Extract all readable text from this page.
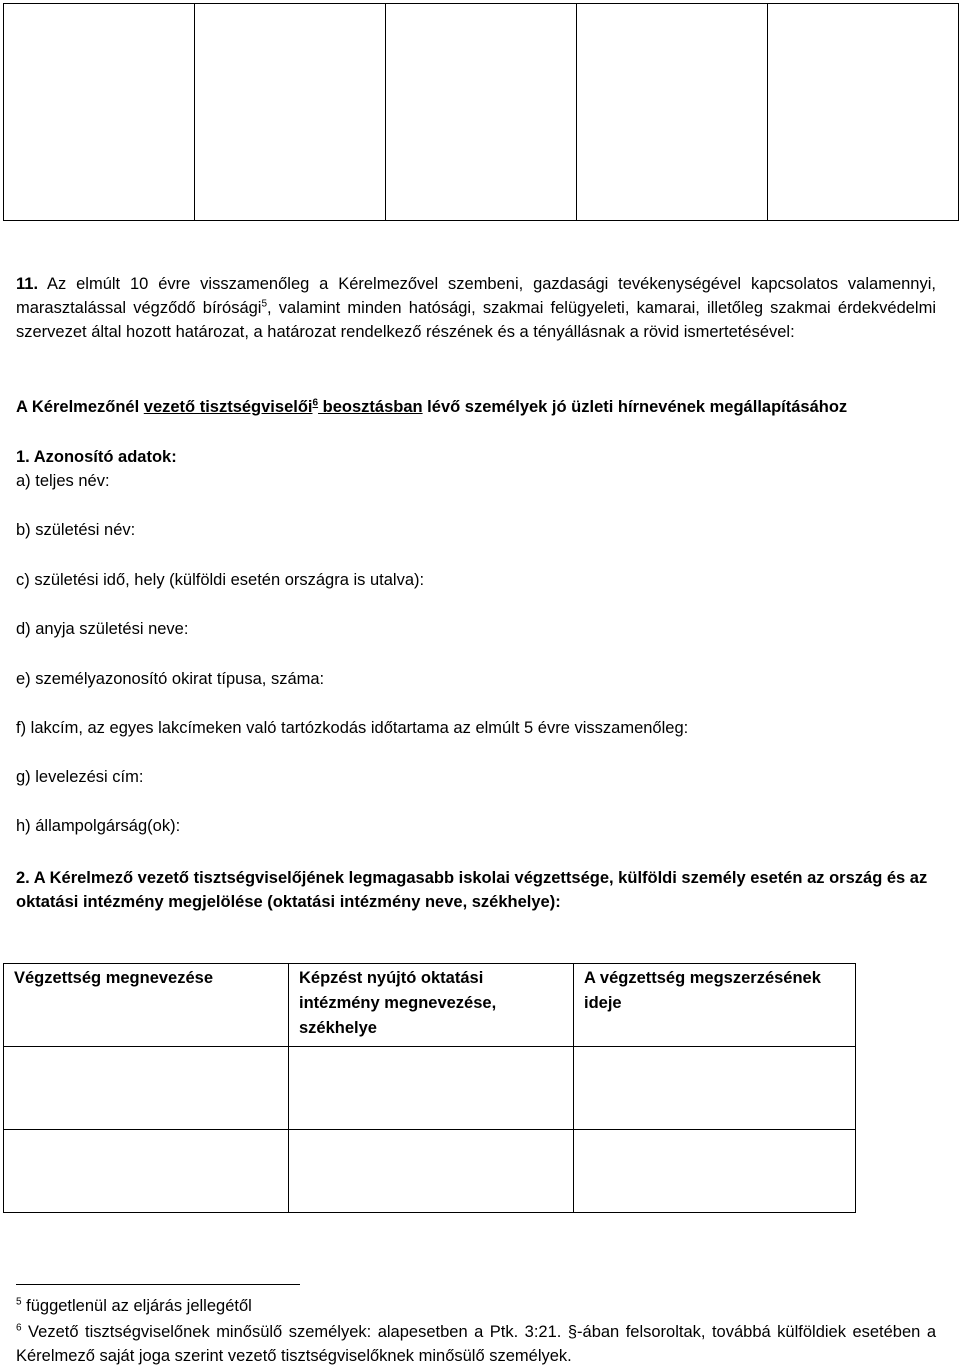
11. Az elmúlt 10 évre visszamenőleg a Kérelmezővel szembeni, gazdasági tevékenységével kapcsolatos valamennyi, marasztalással végződő bírósági$^5$, valamint minden hatósági, szakmai felügyeleti, kamarai, illetőleg szakmai érdekvédelmi szervezet által hozott határozat, a határozat rendelkező részének és a tényállásnak a rövid ismertetésével:

A Kérelmezőnél vezető tisztségviselői$^6$ beosztásban lévő személyek jó üzleti hírnevének megállapításához
1. Azonosító adatok:
a) teljes név:
b) születési név:
c) születési idő, hely (külföldi esetén országra is utalva):
d) anyja születési neve:
e) személyazonosító okirat típusa, száma:
f) lakcím, az egyes lakcímeken való tartózkodás időtartama az elmúlt 5 évre visszamenőleg:
g) levelezési cím:
h) állampolgárság(ok):

2. A Kérelmező vezető tisztségviselőjének legmagasabb iskolai végzettsége, külföldi személy esetén az ország és az oktatási intézmény megjelölése (oktatási intézmény neve, székhelye):

Végzettség megnevezése	Képzést nyújtó oktatási intézmény megnevezése, székhelye	A végzettség megszerzésének ideje

$^5$ függetlenül az eljárás jellegétől

$^6$ Vezető tisztségviselőnek minősülő személyek: alapesetben a Ptk. 3:21. §-ában felsoroltak, továbbá külföldiek esetében a Kérelmező saját joga szerint vezető tisztségviselőknek minősülő személyek.
